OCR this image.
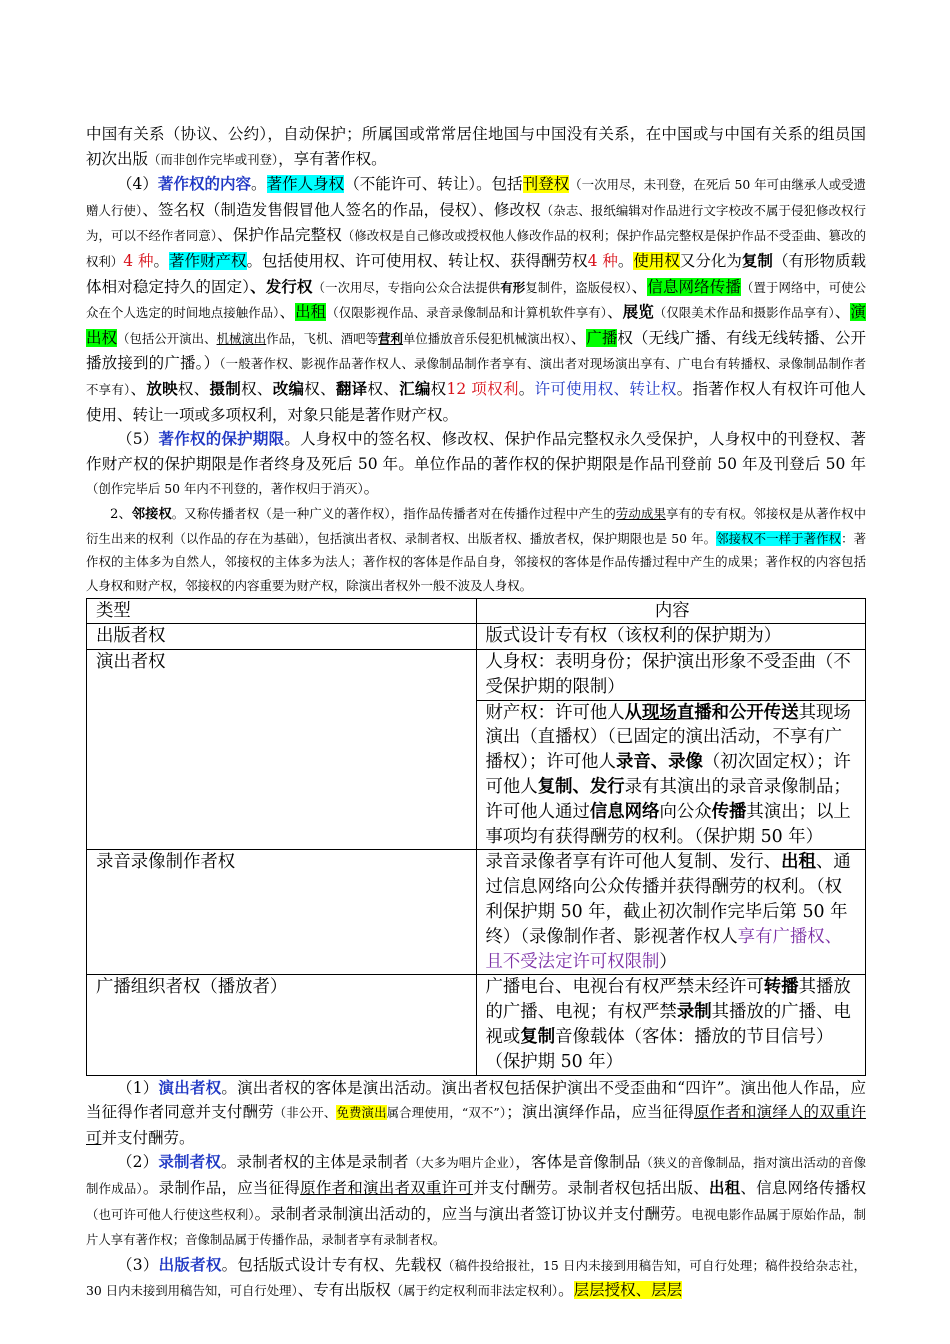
中国有关系（协议、公约），自动保护；所属国或常常居住地国与中国没有关系，在中国或与中国有关系的组员国初次出版（而非创作完毕或刊登），享有著作权。

（4）著作权的内容。著作人身权（不能许可、转让）。包括刊登权（一次用尽，未刊登，在死后 50 年可由继承人或受遗赠人行使）、签名权（制造发售假冒他人签名的作品，侵权）、修改权（杂志、报纸编辑对作品进行文字校改不属于侵犯修改权行为，可以不经作者同意）、保护作品完整权（修改权是自己修改或授权他人修改作品的权利；保护作品完整权是保护作品不受歪曲、篡改的权利）4 种。著作财产权。包括使用权、许可使用权、转让权、获得酬劳权4 种。使用权又分化为复制（有形物质载体相对稳定持久的固定）、发行权（一次用尽，专指向公众合法提供有形复制件，盗版侵权）、信息网络传播（置于网络中，可使公众在个人选定的时间地点接触作品）、出租（仅限影视作品、录音录像制品和计算机软件享有）、展览（仅限美术作品和摄影作品享有）、演出权（包括公开演出、机械演出作品，飞机、酒吧等营利单位播放音乐侵犯机械演出权）、广播权（无线广播、有线无线转播、公开播放接到的广播。）（一般著作权、影视作品著作权人、录像制品制作者享有、演出者对现场演出享有、广电台有转播权、录像制品制作者不享有）、放映权、摄制权、改编权、翻译权、汇编权12 项权利。许可使用权、转让权。指著作权人有权许可他人使用、转让一项或多项权利，对象只能是著作财产权。

（5）著作权的保护期限。人身权中的签名权、修改权、保护作品完整权永久受保护，人身权中的刊登权、著作财产权的保护期限是作者终身及死后 50 年。单位作品的著作权的保护期限是作品刊登前 50 年及刊登后 50 年（创作完毕后 50 年内不刊登的，著作权归于消灭）。

2、邻接权。又称传播者权（是一种广义的著作权），指作品传播者对在传播作过程中产生的劳动成果享有的专有权。邻接权是从著作权中衍生出来的权利（以作品的存在为基础），包括演出者权、录制者权、出版者权、播放者权，保护期限也是 50 年。邻接权不一样于著作权：著作权的主体多为自然人，邻接权的主体多为法人；著作权的客体是作品自身，邻接权的客体是作品传播过程中产生的成果；著作权的内容包括人身权和财产权，邻接权的内容重要为财产权，除演出者权外一般不波及人身权。

类型	内容
出版者权	版式设计专有权（该权利的保护期为）
演出者权	人身权：表明身份；保护演出形象不受歪曲（不受保护期的限制）
	财产权：许可他人从现场直播和公开传送其现场演出（直播权）（已固定的演出活动，不享有广播权）；许可他人录音、录像（初次固定权）；许可他人复制、发行录有其演出的录音录像制品；许可他人通过信息网络向公众传播其演出；以上事项均有获得酬劳的权利。（保护期 50 年）
录音录像制作者权	录音录像者享有许可他人复制、发行、出租、通过信息网络向公众传播并获得酬劳的权利。（权利保护期 50 年，截止初次制作完毕后第 50 年终）（录像制作者、影视著作权人享有广播权、且不受法定许可权限制）
广播组织者权（播放者）	广播电台、电视台有权严禁未经许可转播其播放的广播、电视；有权严禁录制其播放的广播、电视或复制音像载体（客体：播放的节目信号）（保护期 50 年）

（1）演出者权。演出者权的客体是演出活动。演出者权包括保护演出不受歪曲和“四许”。演出他人作品，应当征得作者同意并支付酬劳（非公开、免费演出属合理使用，“双不”）；演出演绎作品，应当征得原作者和演绎人的双重许可并支付酬劳。

（2）录制者权。录制者权的主体是录制者（大多为唱片企业），客体是音像制品（狭义的音像制品，指对演出活动的音像制作成品）。录制作品，应当征得原作者和演出者双重许可并支付酬劳。录制者权包括出版、出租、信息网络传播权（也可许可他人行使这些权利）。录制者录制演出活动的，应当与演出者签订协议并支付酬劳。电视电影作品属于原始作品，制片人享有著作权；音像制品属于传播作品，录制者享有录制者权。

（3）出版者权。包括版式设计专有权、先载权（稿件投给报社，15 日内未接到用稿告知，可自行处理；稿件投给杂志社，30 日内未接到用稿告知，可自行处理）、专有出版权（属于约定权利而非法定权利）。层层授权、层层
